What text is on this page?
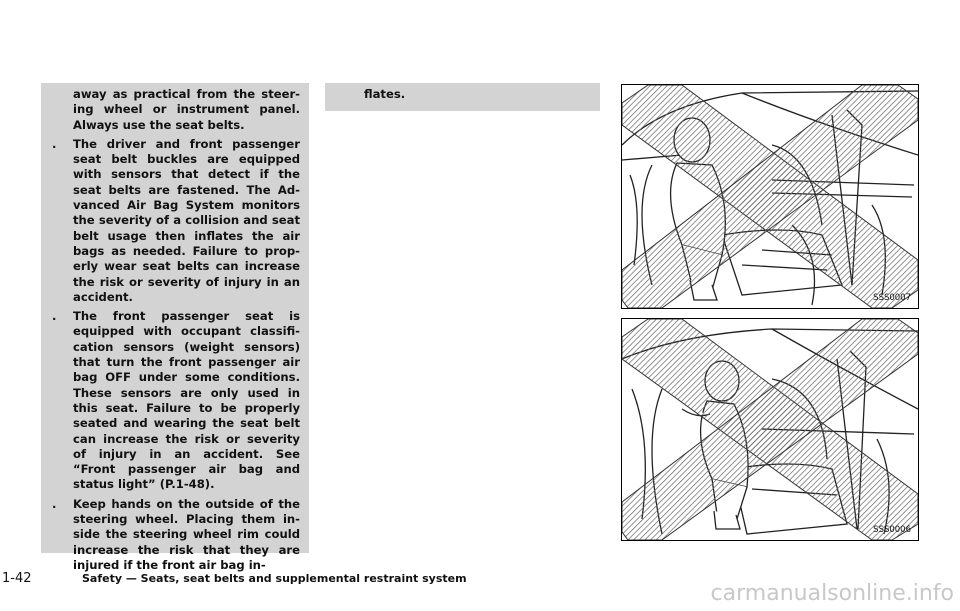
away as practical from the steer-ing wheel or instrument panel. Always use the seat belts.
. The driver and front passenger seat belt buckles are equipped with sensors that detect if the seat belts are fastened. The Ad-vanced Air Bag System monitors the severity of a collision and seat belt usage then inflates the air bags as needed. Failure to prop-erly wear seat belts can increase the risk or severity of injury in an accident.
. The front passenger seat is equipped with occupant classifi-cation sensors (weight sensors) that turn the front passenger air bag OFF under some conditions. These sensors are only used in this seat. Failure to be properly seated and wearing the seat belt can increase the risk or severity of injury in an accident. See “Front passenger air bag and status light” (P.1-48).
. Keep hands on the outside of the steering wheel. Placing them in-side the steering wheel rim could increase the risk that they are injured if the front air bag in-
flates.
SSS0007
SSS0006
1-42	Safety — Seats, seat belts and supplemental restraint system
carmanualsonline.info
